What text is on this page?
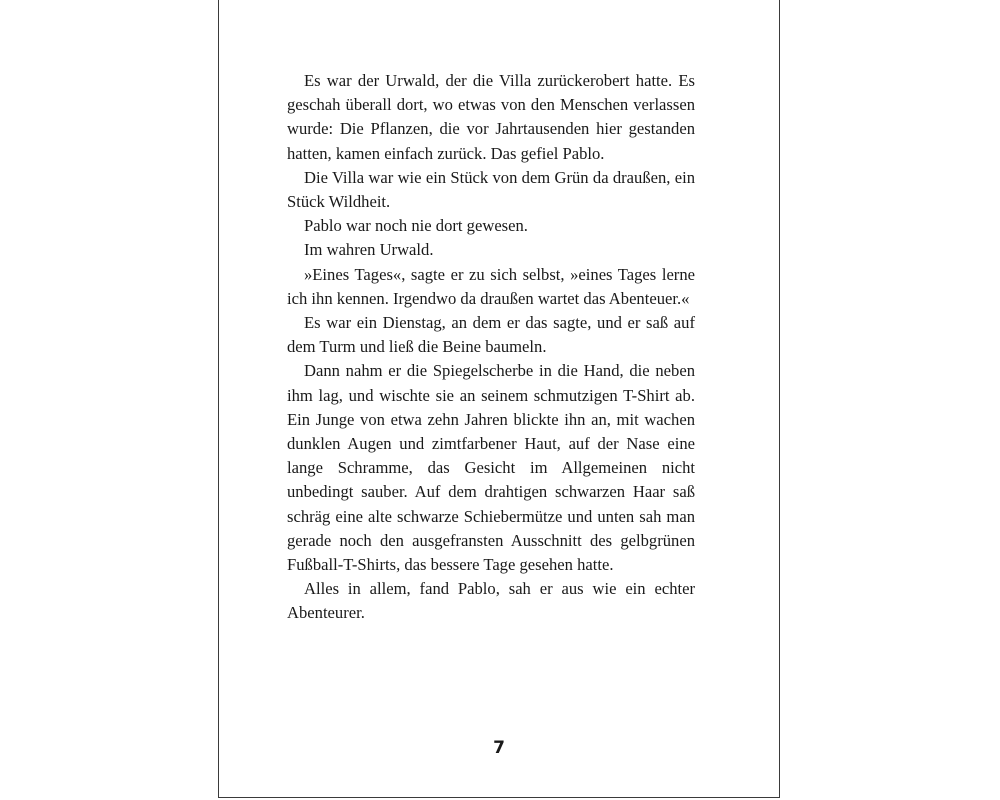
Es war der Urwald, der die Villa zurückerobert hatte. Es geschah überall dort, wo etwas von den Menschen verlassen wurde: Die Pflanzen, die vor Jahrtausenden hier gestanden hatten, kamen einfach zurück. Das gefiel Pablo.

Die Villa war wie ein Stück von dem Grün da draußen, ein Stück Wildheit.

Pablo war noch nie dort gewesen.

Im wahren Urwald.

»Eines Tages«, sagte er zu sich selbst, »eines Tages lerne ich ihn kennen. Irgendwo da draußen wartet das Abenteuer.«

Es war ein Dienstag, an dem er das sagte, und er saß auf dem Turm und ließ die Beine baumeln.

Dann nahm er die Spiegelscherbe in die Hand, die neben ihm lag, und wischte sie an seinem schmutzigen T-Shirt ab. Ein Junge von etwa zehn Jahren blickte ihn an, mit wachen dunklen Augen und zimtfarbener Haut, auf der Nase eine lange Schramme, das Gesicht im Allgemeinen nicht unbedingt sauber. Auf dem drahtigen schwarzen Haar saß schräg eine alte schwarze Schiebermütze und unten sah man gerade noch den ausgefransten Ausschnitt des gelbgrünen Fußball-T-Shirts, das bessere Tage gesehen hatte.

Alles in allem, fand Pablo, sah er aus wie ein echter Abenteurer.

7
